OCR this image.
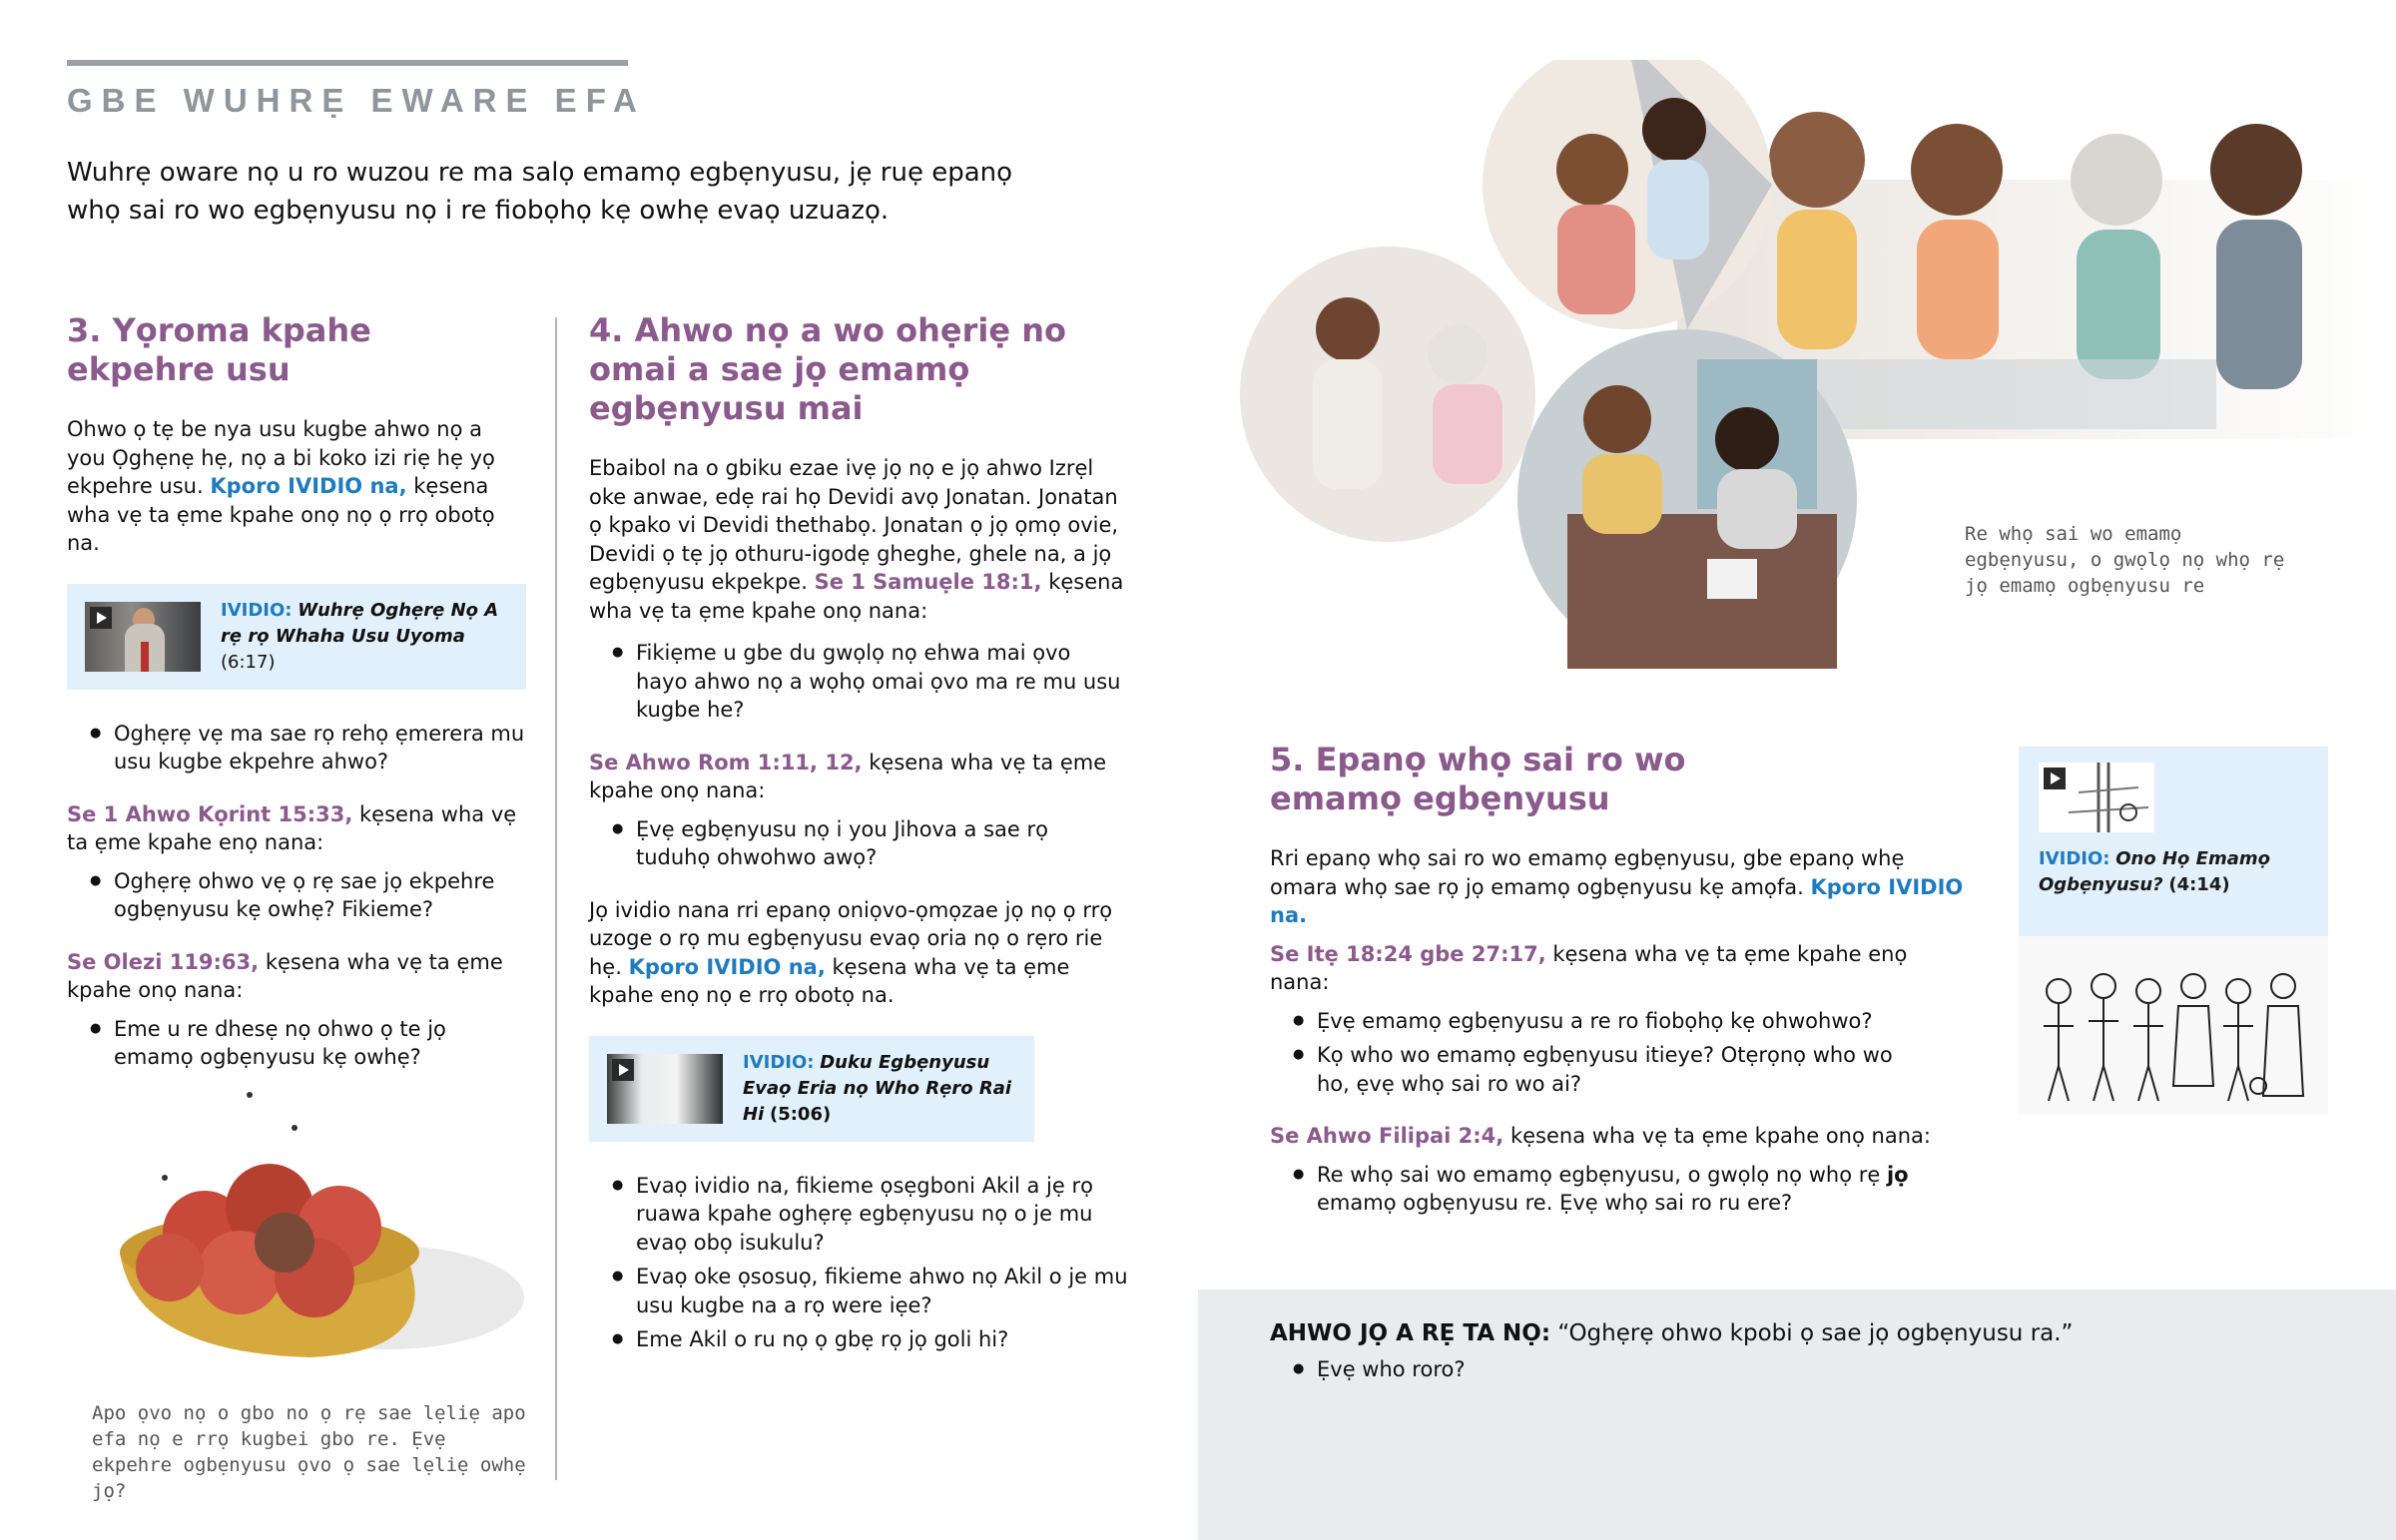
GBE WUHRẸ EWARE EFA
Wuhrẹ oware nọ u ro wuzou re ma salọ emamọ egbẹnyusu, jẹ ruẹ epanọ whọ sai ro wo egbẹnyusu nọ i re fiobọhọ kẹ owhẹ evaọ uzuazọ.
3. Yọroma kpahe ekpehre usu

Ohwo ọ tẹ be nya usu kugbe ahwo nọ a you Ọghẹnẹ hẹ, nọ a bi koko izi riẹ hẹ yọ ekpehre usu. Kporo IVIDIO na, kẹsena wha vẹ ta ẹme kpahe onọ nọ ọ rrọ obotọ na.

IVIDIO: Wuhrẹ Oghẹrẹ Nọ A rẹ rọ Whaha Usu Uyoma (6:17)
● Oghẹrẹ vẹ ma sae rọ rehọ ẹmerera mu usu kugbe ekpehre ahwo?

Se 1 Ahwo Kọrint 15:33, kẹsena wha vẹ ta ẹme kpahe enọ nana:

● Oghẹrẹ ohwo vẹ ọ rẹ sae jọ ekpehre ogbẹnyusu kẹ owhẹ? Fikieme?

Se Olezi 119:63, kẹsena wha vẹ ta ẹme kpahe onọ nana:

● Eme u re dhesẹ nọ ohwo ọ te jọ emamọ ogbẹnyusu kẹ owhẹ?
Apo ọvo nọ o gbo no ọ rẹ sae lẹliẹ apo efa nọ e rrọ kugbei gbo re. Ẹvẹ ekpehre ogbẹnyusu ọvo ọ sae lẹliẹ owhẹ jọ?
4. Ahwo nọ a wo ohẹriẹ no omai a sae jọ emamọ egbẹnyusu mai

Ebaibol na o gbiku ezae ivẹ jọ nọ e jọ ahwo Izrẹl oke anwae, edẹ rai họ Devidi avọ Jonatan. Jonatan ọ kpako vi Devidi thethabọ. Jonatan ọ jọ ọmọ ovie, Devidi ọ tẹ jọ othuru-igodẹ gheghe, ghele na, a jọ egbẹnyusu ekpekpe. Se 1 Samuẹle 18:1, kẹsena wha vẹ ta ẹme kpahe onọ nana:

● Fikiẹme u gbe du gwọlọ nọ ehwa mai ọvo hayo ahwo nọ a wọhọ omai ọvo ma re mu usu kugbe he?

Se Ahwo Rom 1:11, 12, kẹsena wha vẹ ta ẹme kpahe onọ nana:

● Ẹvẹ egbẹnyusu nọ i you Jihova a sae rọ tuduhọ ohwohwo awọ?

Jọ ividio nana rri epanọ oniọvo-ọmọzae jọ nọ ọ rrọ uzoge o rọ mu egbẹnyusu evaọ oria nọ o rẹro rie hẹ. Kporo IVIDIO na, kẹsena wha vẹ ta ẹme kpahe enọ nọ e rrọ obotọ na.

IVIDIO: Duku Egbẹnyusu Evaọ Eria nọ Who Rẹro Rai Hi (5:06)
● Evaọ ividio na, fikieme ọsẹgboni Akil a jẹ rọ ruawa kpahe oghẹrẹ egbẹnyusu nọ o je mu evaọ obọ isukulu?
● Evaọ oke ọsosuọ, fikieme ahwo nọ Akil o je mu usu kugbe na a rọ were iẹe?
● Eme Akil o ru nọ ọ gbẹ rọ jọ goli hi?
Re whọ sai wo emamọ egbẹnyusu, o gwọlọ nọ whọ rẹ jọ emamọ ogbẹnyusu re
5. Epanọ whọ sai ro wo emamọ egbẹnyusu

Rri epanọ whọ sai ro wo emamọ egbẹnyusu, gbe epanọ whẹ omara whọ sae rọ jọ emamọ ogbẹnyusu kẹ amọfa. Kporo IVIDIO na.

Se Itẹ 18:24 gbe 27:17, kẹsena wha vẹ ta ẹme kpahe enọ nana:

● Ẹvẹ emamọ egbẹnyusu a re ro fiobọhọ kẹ ohwohwo?
● Kọ who wo emamọ egbẹnyusu itieye? Otẹrọnọ who wo ho, ẹvẹ whọ sai ro wo ai?

Se Ahwo Filipai 2:4, kẹsena wha vẹ ta ẹme kpahe onọ nana:

● Re whọ sai wo emamọ egbẹnyusu, o gwọlọ nọ whọ rẹ jọ emamọ ogbẹnyusu re. Ẹvẹ whọ sai ro ru ere?
IVIDIO: Ono Họ Emamọ Ogbẹnyusu? (4:14)
AHWO JỌ A RẸ TA NỌ: “Oghẹrẹ ohwo kpobi ọ sae jọ ogbẹnyusu ra.”
● Ẹvẹ who roro?
